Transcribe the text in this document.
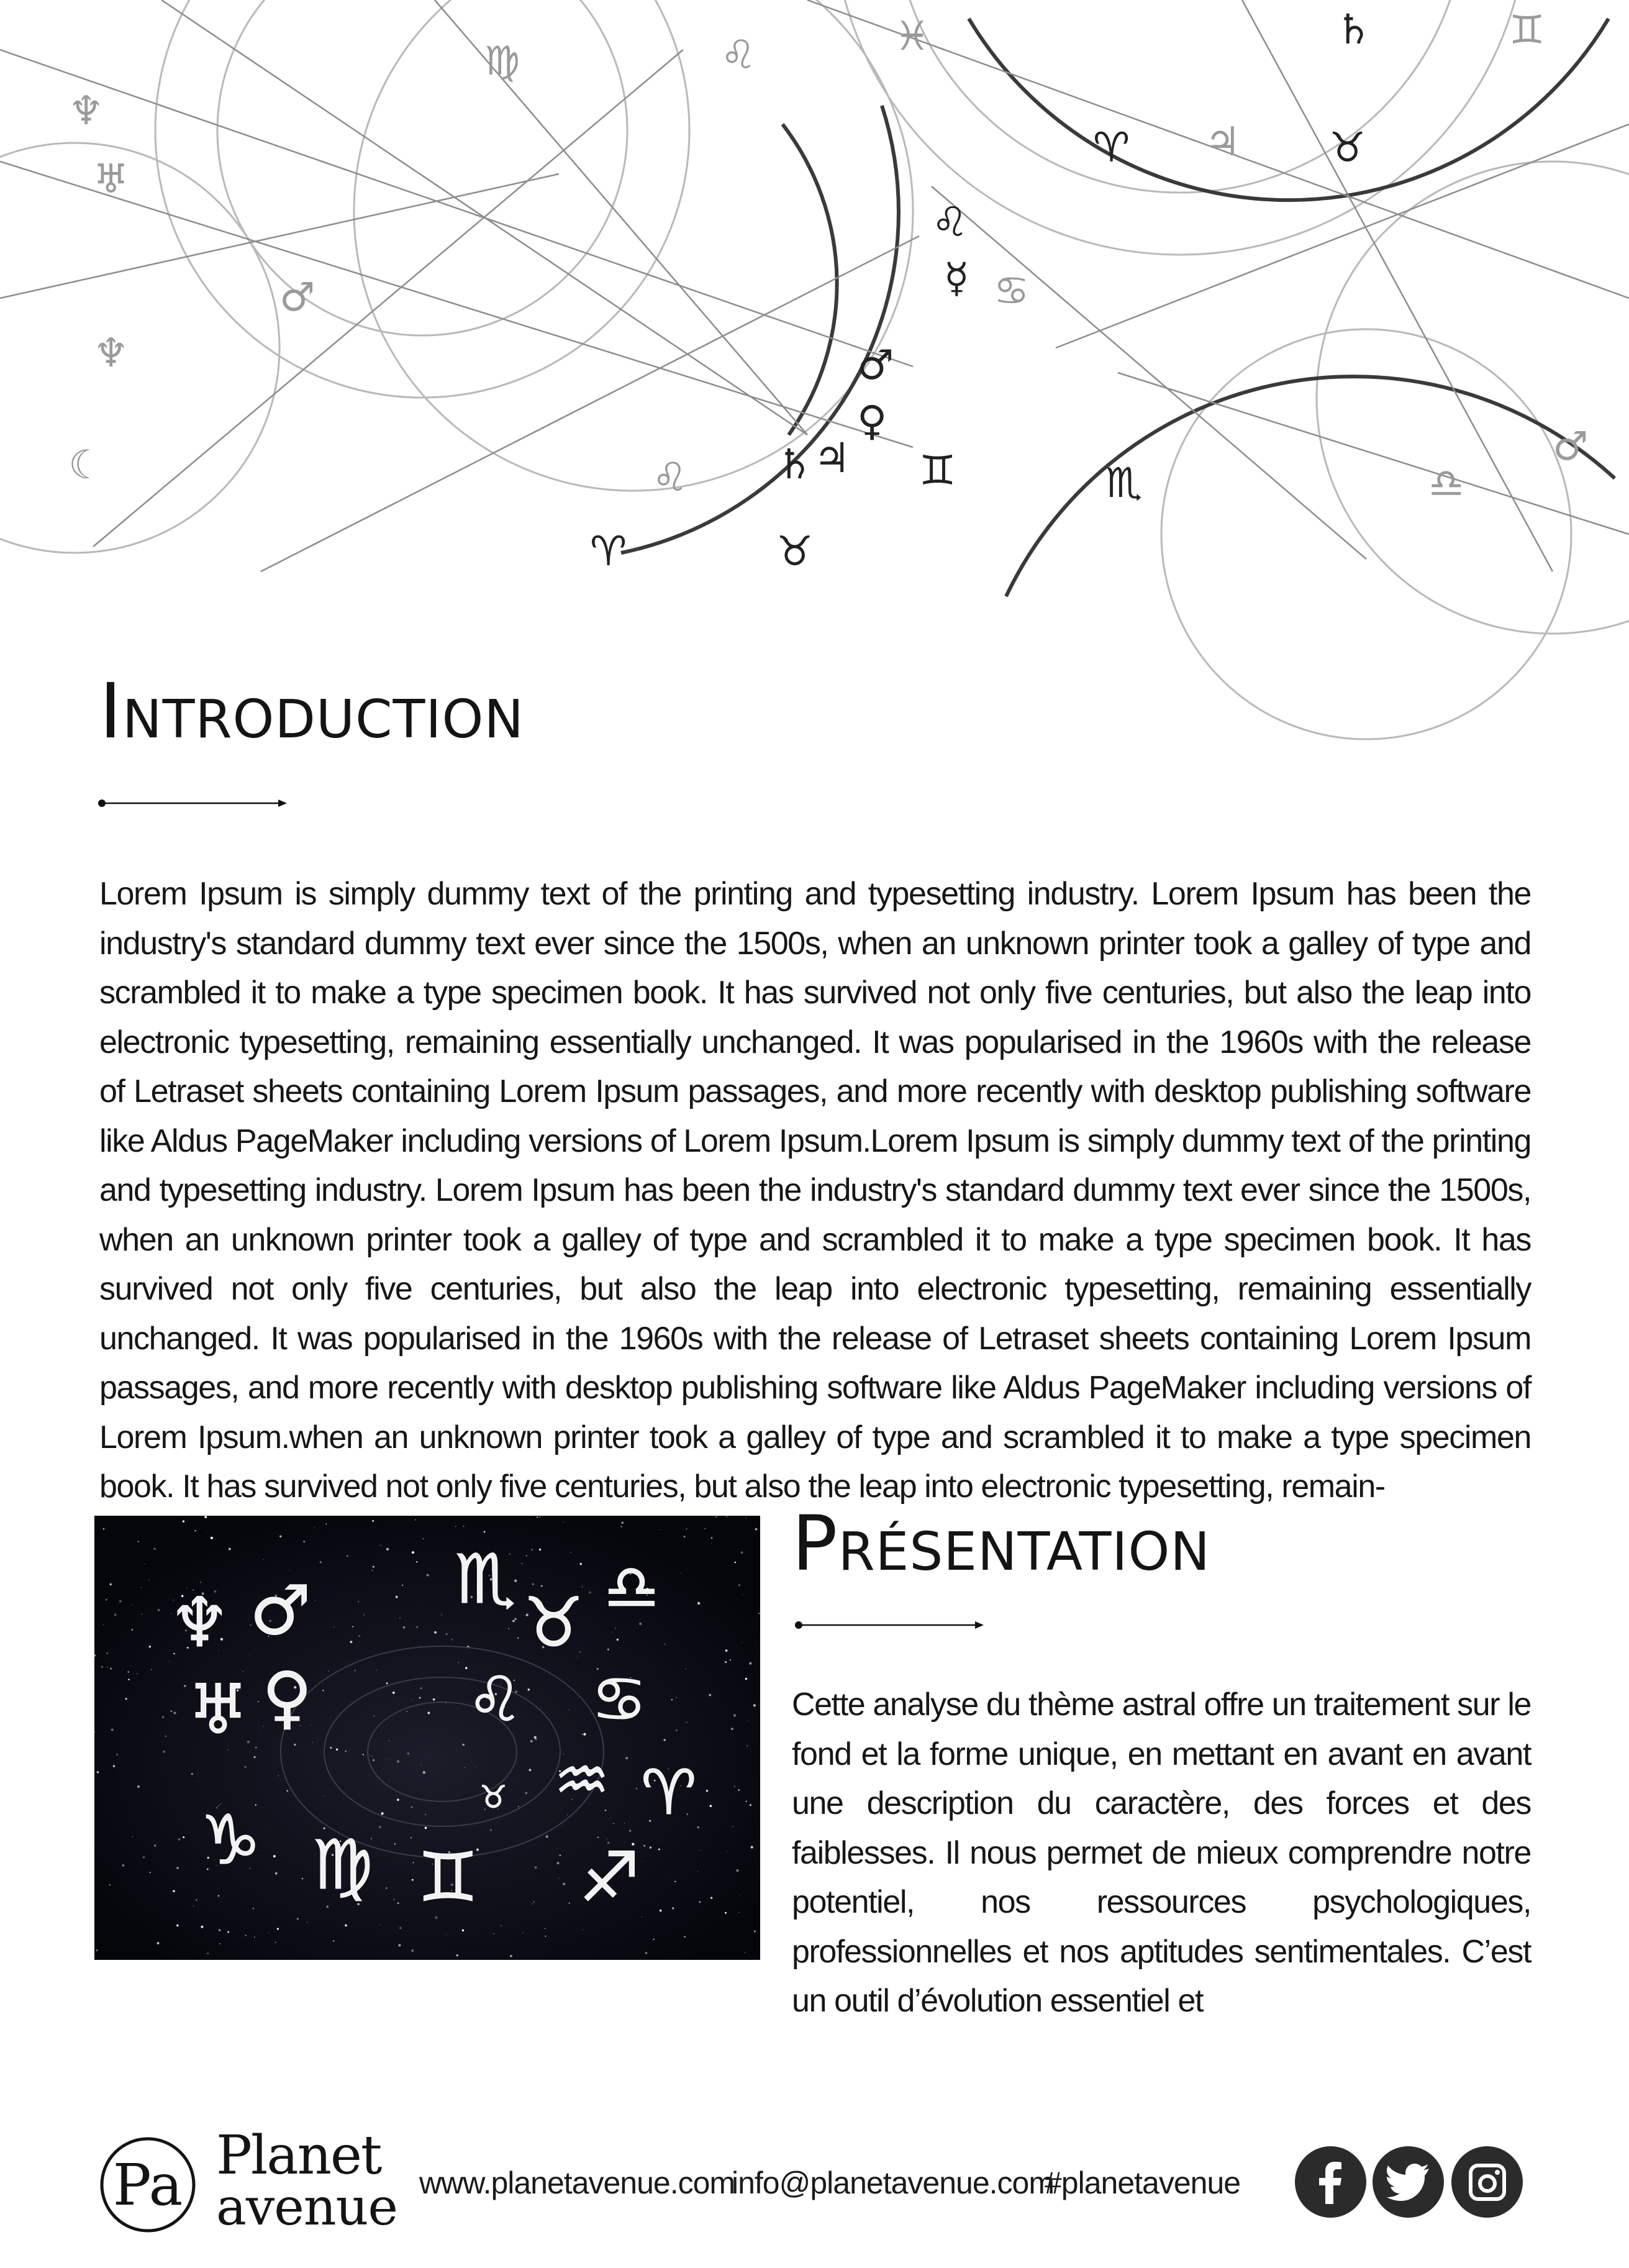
♆
♅
♆
☾
♂
♍	♌	♓
♋
♃
♊
♂
♎
♌
♌
☿
♂
♀
♄ ♃ ♊	♏
♈
♄
♉
♈	♉
Introduction

Lorem Ipsum is simply dummy text of the printing and typesetting industry. Lorem Ipsum has been the industry's standard dummy text ever since the 1500s, when an unknown printer took a galley of type and scrambled it to make a type specimen book. It has survived not only five centuries, but also the leap into electronic typesetting, remaining essentially unchanged. It was popularised in the 1960s with the release of Letraset sheets containing Lorem Ipsum passages, and more recently with desktop publishing software like Aldus PageMaker including versions of Lorem Ipsum.Lorem Ipsum is simply dummy text of the printing and typesetting industry. Lorem Ipsum has been the industry's standard dummy text ever since the 1500s, when an unknown printer took a galley of type and scrambled it to make a type specimen book. It has survived not only five centuries, but also the leap into electronic typesetting, remaining essentially unchanged. It was popularised in the 1960s with the release of Letraset sheets containing Lorem Ipsum passages, and more recently with desktop publishing software like Aldus PageMaker including versions of Lorem Ipsum.when an unknown printer took a galley of type and scrambled it to make a type specimen book. It has survived not only five centuries, but also the leap into electronic typesetting, remain-

♆ ♂
♅ ♀
♏
♉ ♎
♌ ♋
♒ ♈
♉
♑ ♍ ♊ ♐
Présentation

Cette analyse du thème astral offre un traitement sur le fond et la forme unique, en mettant en avant en avant une description du caractère, des forces et des faiblesses. Il nous permet de mieux comprendre notre potentiel, nos ressources psychologiques, professionnelles et nos aptitudes sentimentales. C’est un outil d’évolution essentiel et

Pa Planet

avenue www.planetavenue.com
info@planetavenue.com
#planetavenue
